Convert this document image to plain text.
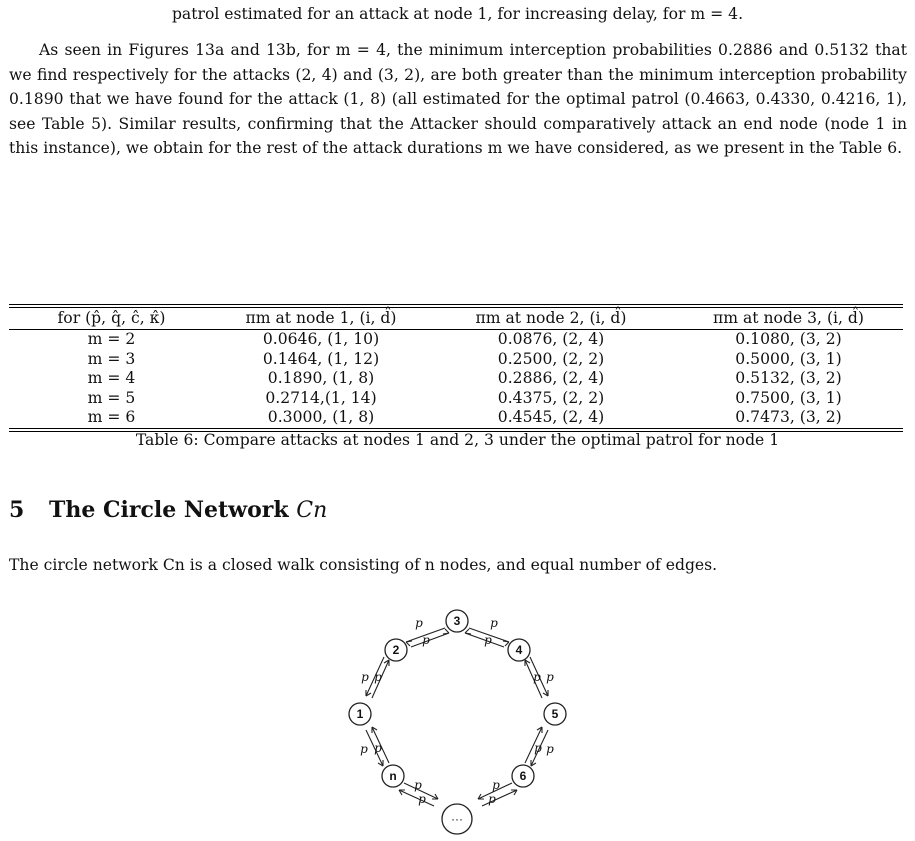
patrol estimated for an attack at node 1, for increasing delay, for m = 4.
As seen in Figures 13a and 13b, for m = 4, the minimum interception probabilities 0.2886 and 0.5132 that we find respectively for the attacks (2, 4) and (3, 2), are both greater than the minimum interception probability 0.1890 that we have found for the attack (1, 8) (all estimated for the optimal patrol (0.4663, 0.4330, 0.4216, 1), see Table 5). Similar results, confirming that the Attacker should comparatively attack an end node (node 1 in this instance), we obtain for the rest of the attack durations m we have considered, as we present in the Table 6.
for (p̂, q̂, ĉ, κ̂)	πm at node 1, (i, d̂)	πm at node 2, (i, d̂)	πm at node 3, (i, d̂)
m = 2	0.0646, (1, 10)	0.0876, (2, 4)	0.1080, (3, 2)
m = 3	0.1464, (1, 12)	0.2500, (2, 2)	0.5000, (3, 1)
m = 4	0.1890, (1, 8)	0.2886, (2, 4)	0.5132, (3, 2)
m = 5	0.2714,(1, 14)	0.4375, (2, 2)	0.7500, (3, 1)
m = 6	0.3000, (1, 8)	0.4545, (2, 4)	0.7473, (3, 2)
Table 6: Compare attacks at nodes 1 and 2, 3 under the optimal patrol for node 1
5 The Circle Network Cn
The circle network Cn is a closed walk consisting of n nodes, and equal number of edges.
3
2	4
1	5
n	6
···
p
p
p
p
p p	p p
p p	p p
p
p
p
p
